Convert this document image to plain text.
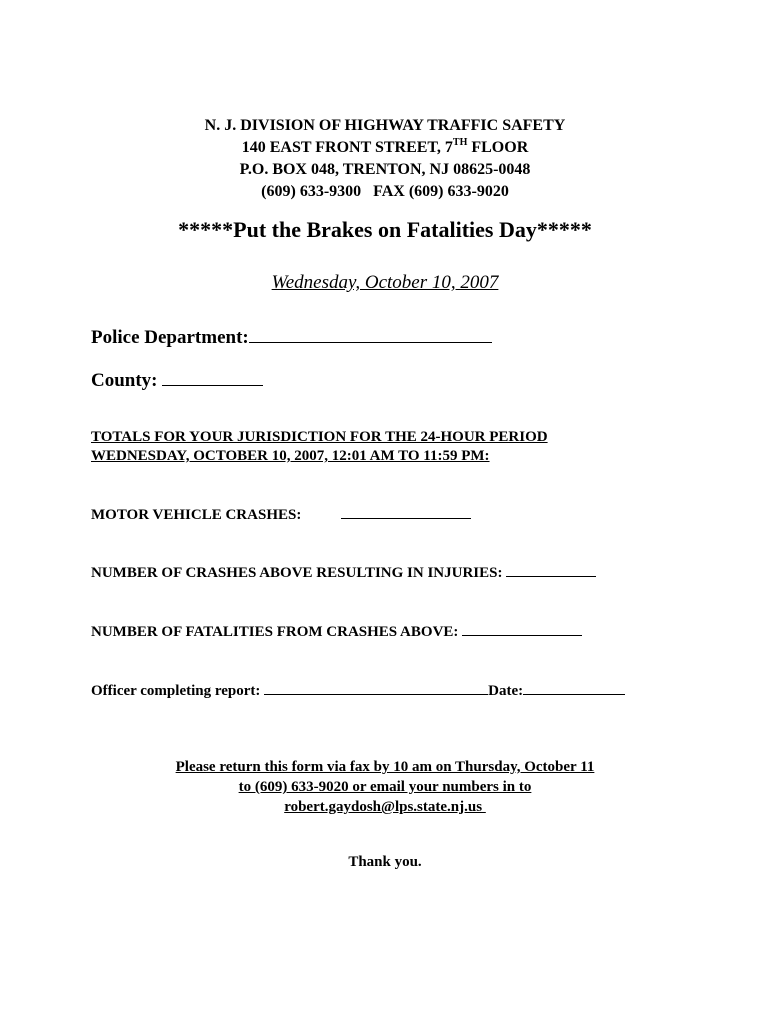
N. J. DIVISION OF HIGHWAY TRAFFIC SAFETY
140 EAST FRONT STREET, 7TH FLOOR
P.O. BOX 048, TRENTON, NJ 08625-0048
(609) 633-9300   FAX (609) 633-9020
*****Put the Brakes on Fatalities Day*****
Wednesday, October 10, 2007
Police Department:
County:
TOTALS FOR YOUR JURISDICTION FOR THE 24-HOUR PERIOD
WEDNESDAY, OCTOBER 10, 2007, 12:01 AM TO 11:59 PM:
MOTOR VEHICLE CRASHES:
NUMBER OF CRASHES ABOVE RESULTING IN INJURIES:
NUMBER OF FATALITIES FROM CRASHES ABOVE:
Officer completing report:	Date:
Please return this form via fax by 10 am on Thursday, October 11
to (609) 633-9020 or email your numbers in to
robert.gaydosh@lps.state.nj.us
Thank you.
